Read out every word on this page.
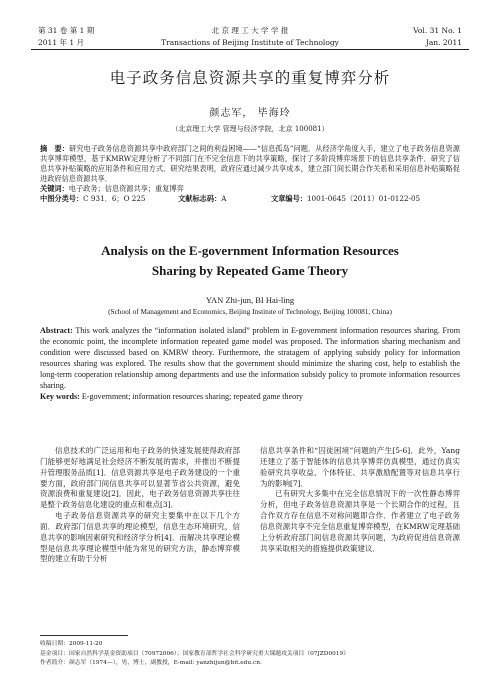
第 31 卷 第 1 期
2011 年 1 月
北 京 理 工 大 学 学 报
Transactions of Beijing Institute of Technology
Vol. 31 No. 1
Jan. 2011
电子政务信息资源共享的重复博弈分析
颜志军， 毕海玲
（北京理工大学 管理与经济学院，北京 100081）
摘　要：研究电子政务信息资源共享中政府部门之间的利益困境——“信息孤岛”问题．从经济学角度入手，建立了电子政务信息资源共享博弈模型，基于KMRW定理分析了不同部门在不完全信息下的共享策略，探讨了多阶段博弈场景下的信息共享条件．研究了信息共享补贴策略的应用条件和应用方式．研究结果表明，政府应通过减少共享成本，建立部门间长期合作关系和采用信息补贴策略促进政府信息资源共享．
关键词：电子政务；信息资源共享；重复博弈
中图分类号：C 931．6；O 225	文献标志码：A	文章编号：1001-0645（2011）01-0122-05
Analysis on the E-government Information Resources
Sharing by Repeated Game Theory
YAN Zhi-jun, BI Hai-ling
(School of Management and Economics, Beijing Institute of Technology, Beijing 100081, China)
Abstract: This work analyzes the “information isolated island” problem in E-government information resources sharing. From the economic point, the incomplete information repeated game model was proposed. The information sharing mechanism and condition were discussed based on KMRW theory. Furthermore, the stratagem of applying subsidy policy for information resources sharing was explored. The results show that the government should minimize the sharing cost, help to establish the long-term cooperation relationship among departments and use the information subsidy policy to promote information resources sharing.
Key words: E-government; information resources sharing; repeated game theory

信息技术的广泛运用和电子政务的快速发展使得政府部门能够更好地满足社会经济不断发展的需求，并推出不断提升管理服务品质[1]．信息资源共享是电子政务建设的一个重要方面，政府部门间信息共享可以显著节省公共资源，避免资源浪费和重复建设[2]．因此，电子政务信息资源共享往往是整个政务信息化建设的重点和难点[3]．

电子政务信息资源共享的研究主要集中在以下几个方面．政府部门信息共享的理论模型，信息生态环境研究，信息共享的影响因素研究和经济学分析[4]．而解决共享理论模型是信息共享理论模型中能为常见的研究方法，静态博弈模型的建立有助于分析

信息共享条件和“囚徒困境”问题的产生[5-6]．此外，Yang还建立了基于智能体的信息共享博弈仿真模型，通过仿真实验研究共享收益、个体特征、共享激励配置等对信息共享行为的影响[7]．

已有研究大多集中在完全信息情况下的一次性静态博弈分析，但电子政务信息资源共享是一个长期合作的过程，且合作双方存在信息不对称问题即合作．作者建立了电子政务信息资源共享不完全信息重复博弈模型，在KMRW定理基础上分析政府部门间信息资源共享问题，为政府促进信息资源共享采取相关的措施提供政策建议．

收稿日期：2009-11-20
基金项目：国家自然科学基金资助项目（70972006）；国家教育部哲学社会科学研究重大课题攻关项目（07JZD0019）
作者简介：颜志军（1974—），男，博士，副教授，E-mail: yanzhijun@bit.edu.cn．
